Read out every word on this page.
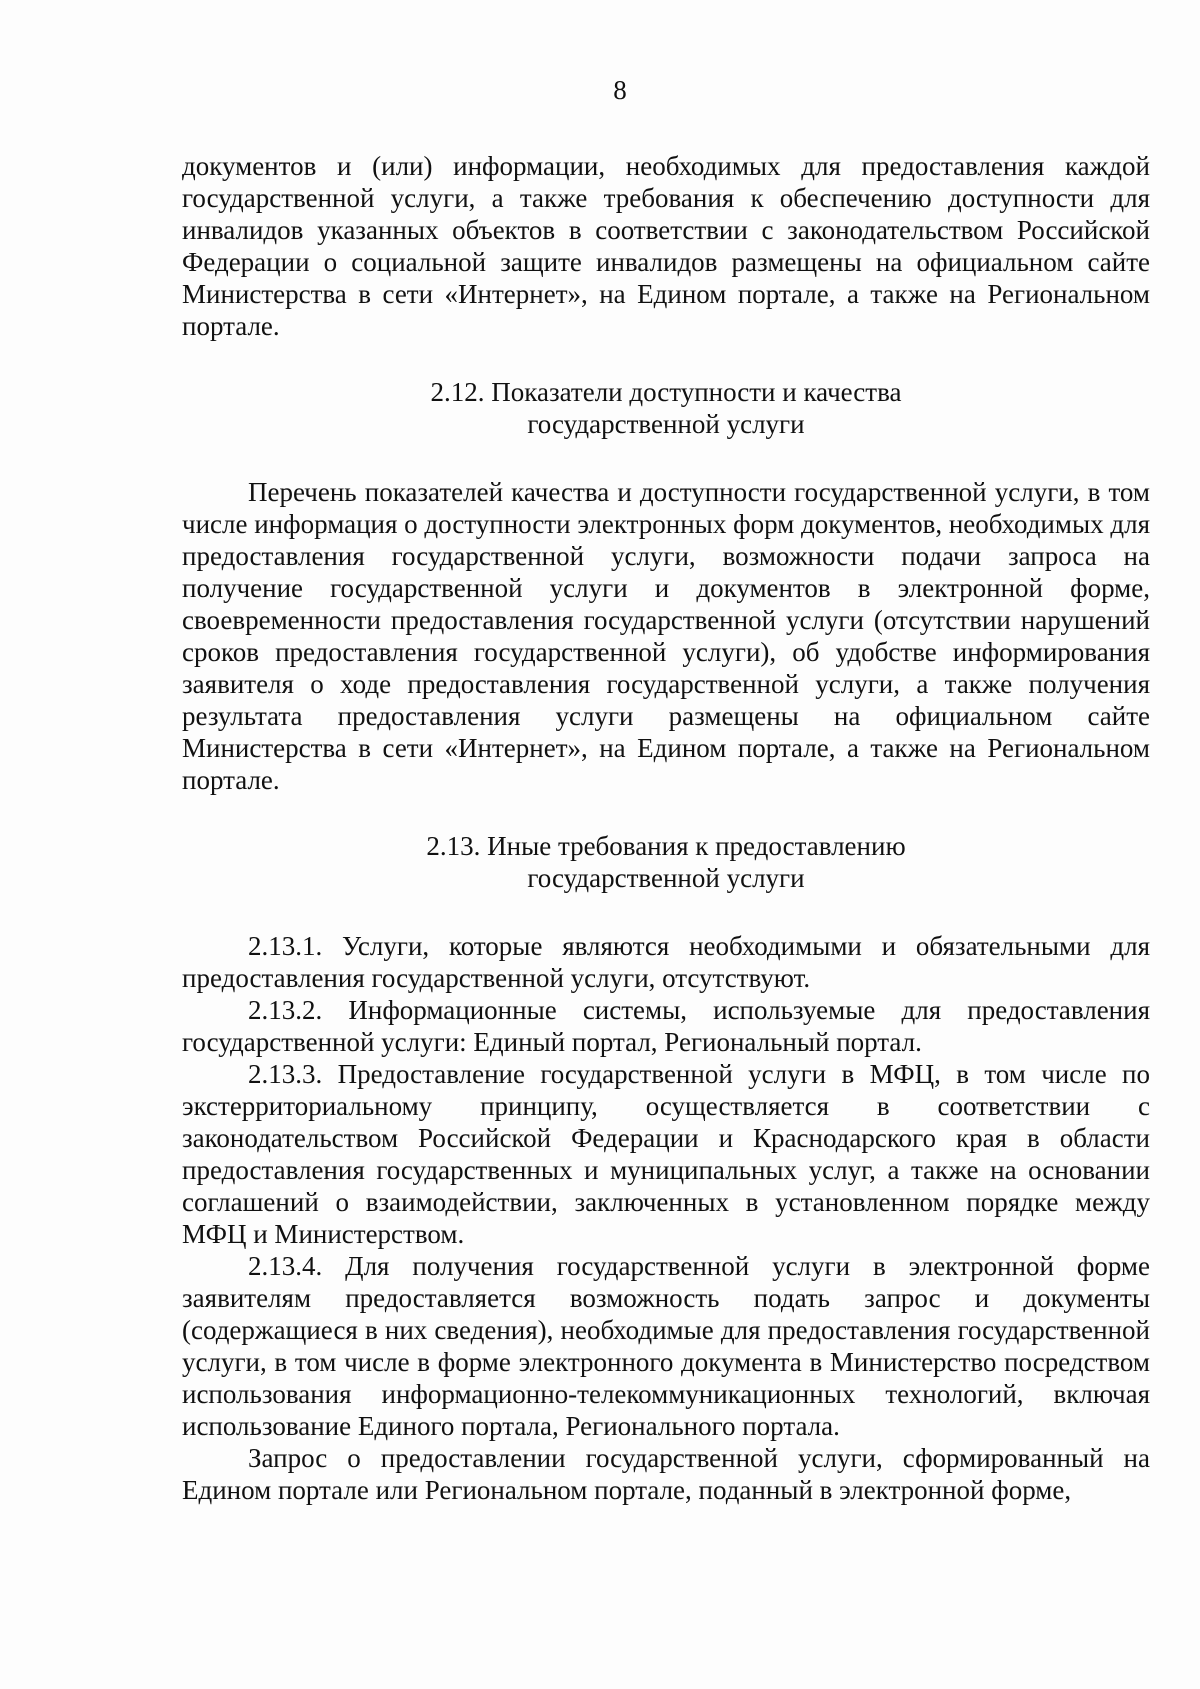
8

документов и (или) информации, необходимых для предоставления каждой государственной услуги, а также требования к обеспечению доступности для инвалидов указанных объектов в соответствии с законодательством Российской Федерации о социальной защите инвалидов размещены на официальном сайте Министерства в сети «Интернет», на Едином портале, а также на Региональном портале.

2.12. Показатели доступности и качества
государственной услуги

Перечень показателей качества и доступности государственной услуги, в том числе информация о доступности электронных форм документов, необходимых для предоставления государственной услуги, возможности подачи запроса на получение государственной услуги и документов в электронной форме, своевременности предоставления государственной услуги (отсутствии нарушений сроков предоставления государственной услуги), об удобстве информирования заявителя о ходе предоставления государственной услуги, а также получения результата предоставления услуги размещены на официальном сайте Министерства в сети «Интернет», на Едином портале, а также на Региональном портале.

2.13. Иные требования к предоставлению
государственной услуги

2.13.1. Услуги, которые являются необходимыми и обязательными для предоставления государственной услуги, отсутствуют.

2.13.2. Информационные системы, используемые для предоставления государственной услуги: Единый портал, Региональный портал.

2.13.3. Предоставление государственной услуги в МФЦ, в том числе по экстерриториальному принципу, осуществляется в соответствии с законодательством Российской Федерации и Краснодарского края в области предоставления государственных и муниципальных услуг, а также на основании соглашений о взаимодействии, заключенных в установленном порядке между МФЦ и Министерством.

2.13.4. Для получения государственной услуги в электронной форме заявителям предоставляется возможность подать запрос и документы (содержащиеся в них сведения), необходимые для предоставления государственной услуги, в том числе в форме электронного документа в Министерство посредством использования информационно-телекоммуникационных технологий, включая использование Единого портала, Регионального портала.

Запрос о предоставлении государственной услуги, сформированный на Едином портале или Региональном портале, поданный в электронной форме,
